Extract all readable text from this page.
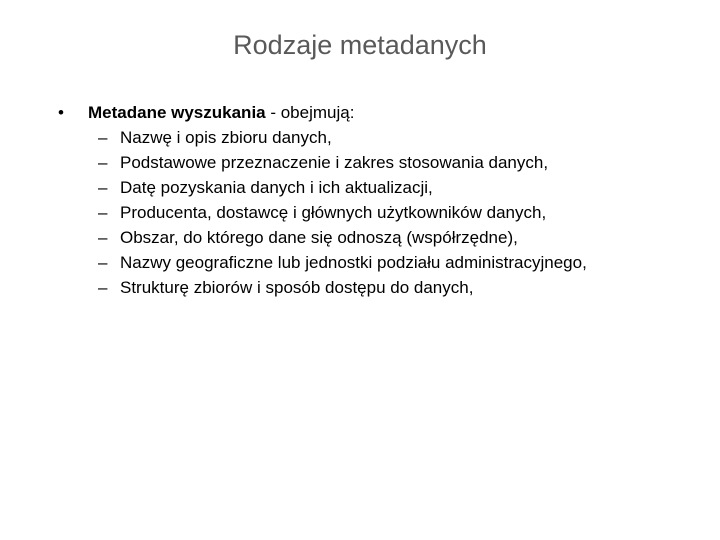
Rodzaje metadanych
•	Metadane wyszukania - obejmują:
– Nazwę i opis zbioru danych,
– Podstawowe przeznaczenie i zakres stosowania danych,
– Datę pozyskania danych i ich aktualizacji,
– Producenta, dostawcę i głównych użytkowników danych,
– Obszar, do którego dane się odnoszą (współrzędne),
– Nazwy geograficzne lub jednostki podziału administracyjnego,
– Strukturę zbiorów i sposób dostępu do danych,
